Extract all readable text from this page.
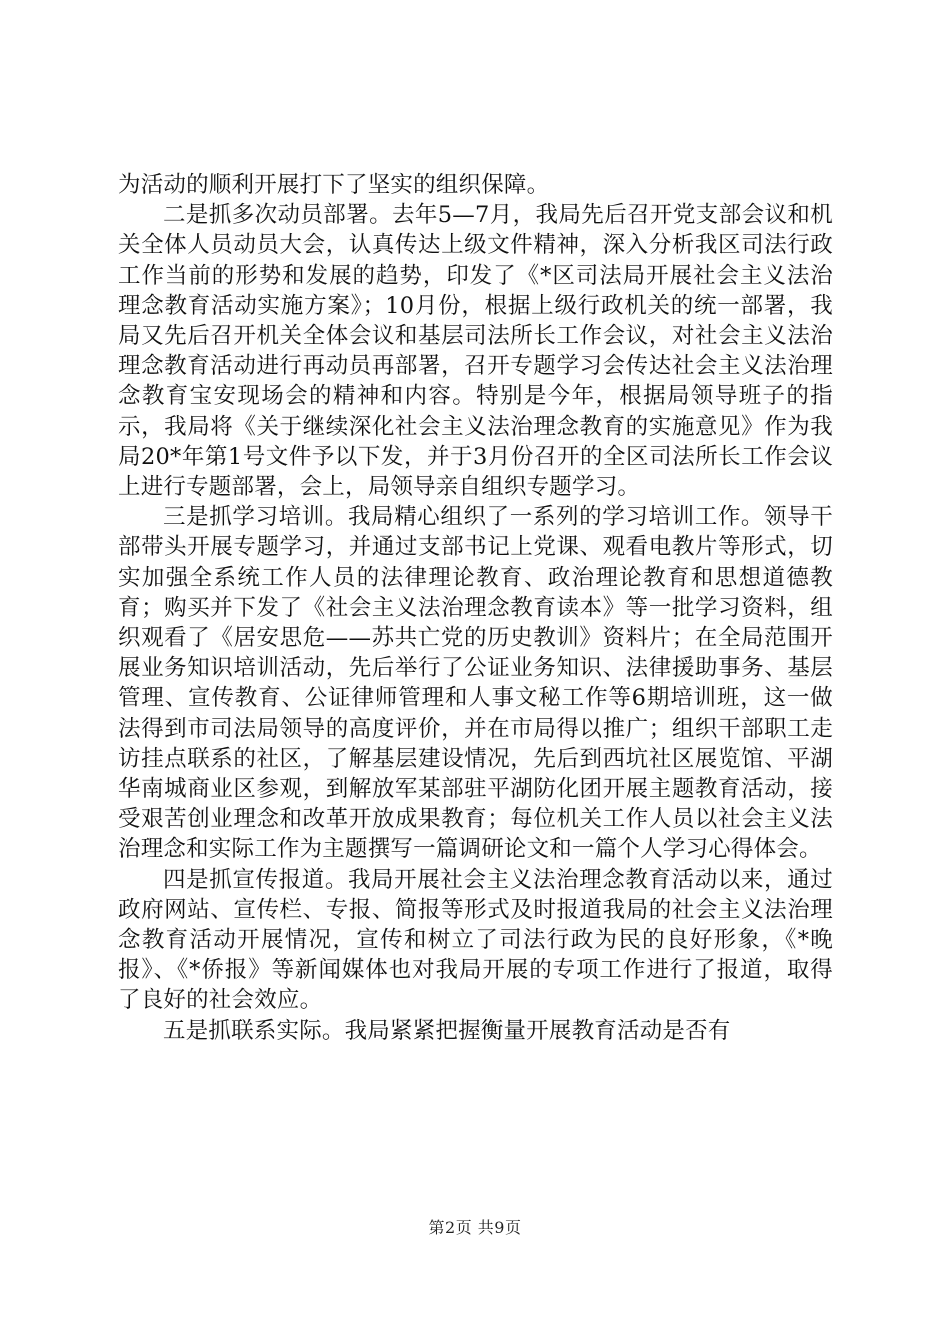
为活动的顺利开展打下了坚实的组织保障。

二是抓多次动员部署。去年5—7月，我局先后召开党支部会议和机关全体人员动员大会，认真传达上级文件精神，深入分析我区司法行政工作当前的形势和发展的趋势，印发了《*区司法局开展社会主义法治理念教育活动实施方案》；10月份，根据上级行政机关的统一部署，我局又先后召开机关全体会议和基层司法所长工作会议，对社会主义法治理念教育活动进行再动员再部署，召开专题学习会传达社会主义法治理念教育宝安现场会的精神和内容。特别是今年，根据局领导班子的指示，我局将《关于继续深化社会主义法治理念教育的实施意见》作为我局20*年第1号文件予以下发，并于3月份召开的全区司法所长工作会议上进行专题部署，会上，局领导亲自组织专题学习。

三是抓学习培训。我局精心组织了一系列的学习培训工作。领导干部带头开展专题学习，并通过支部书记上党课、观看电教片等形式，切实加强全系统工作人员的法律理论教育、政治理论教育和思想道德教育；购买并下发了《社会主义法治理念教育读本》等一批学习资料，组织观看了《居安思危——苏共亡党的历史教训》资料片；在全局范围开展业务知识培训活动，先后举行了公证业务知识、法律援助事务、基层管理、宣传教育、公证律师管理和人事文秘工作等6期培训班，这一做法得到市司法局领导的高度评价，并在市局得以推广；组织干部职工走访挂点联系的社区，了解基层建设情况，先后到西坑社区展览馆、平湖华南城商业区参观，到解放军某部驻平湖防化团开展主题教育活动，接受艰苦创业理念和改革开放成果教育；每位机关工作人员以社会主义法治理念和实际工作为主题撰写一篇调研论文和一篇个人学习心得体会。

四是抓宣传报道。我局开展社会主义法治理念教育活动以来，通过政府网站、宣传栏、专报、简报等形式及时报道我局的社会主义法治理念教育活动开展情况，宣传和树立了司法行政为民的良好形象，《*晚报》、《*侨报》等新闻媒体也对我局开展的专项工作进行了报道，取得了良好的社会效应。

五是抓联系实际。我局紧紧把握衡量开展教育活动是否有

第2页 共9页
